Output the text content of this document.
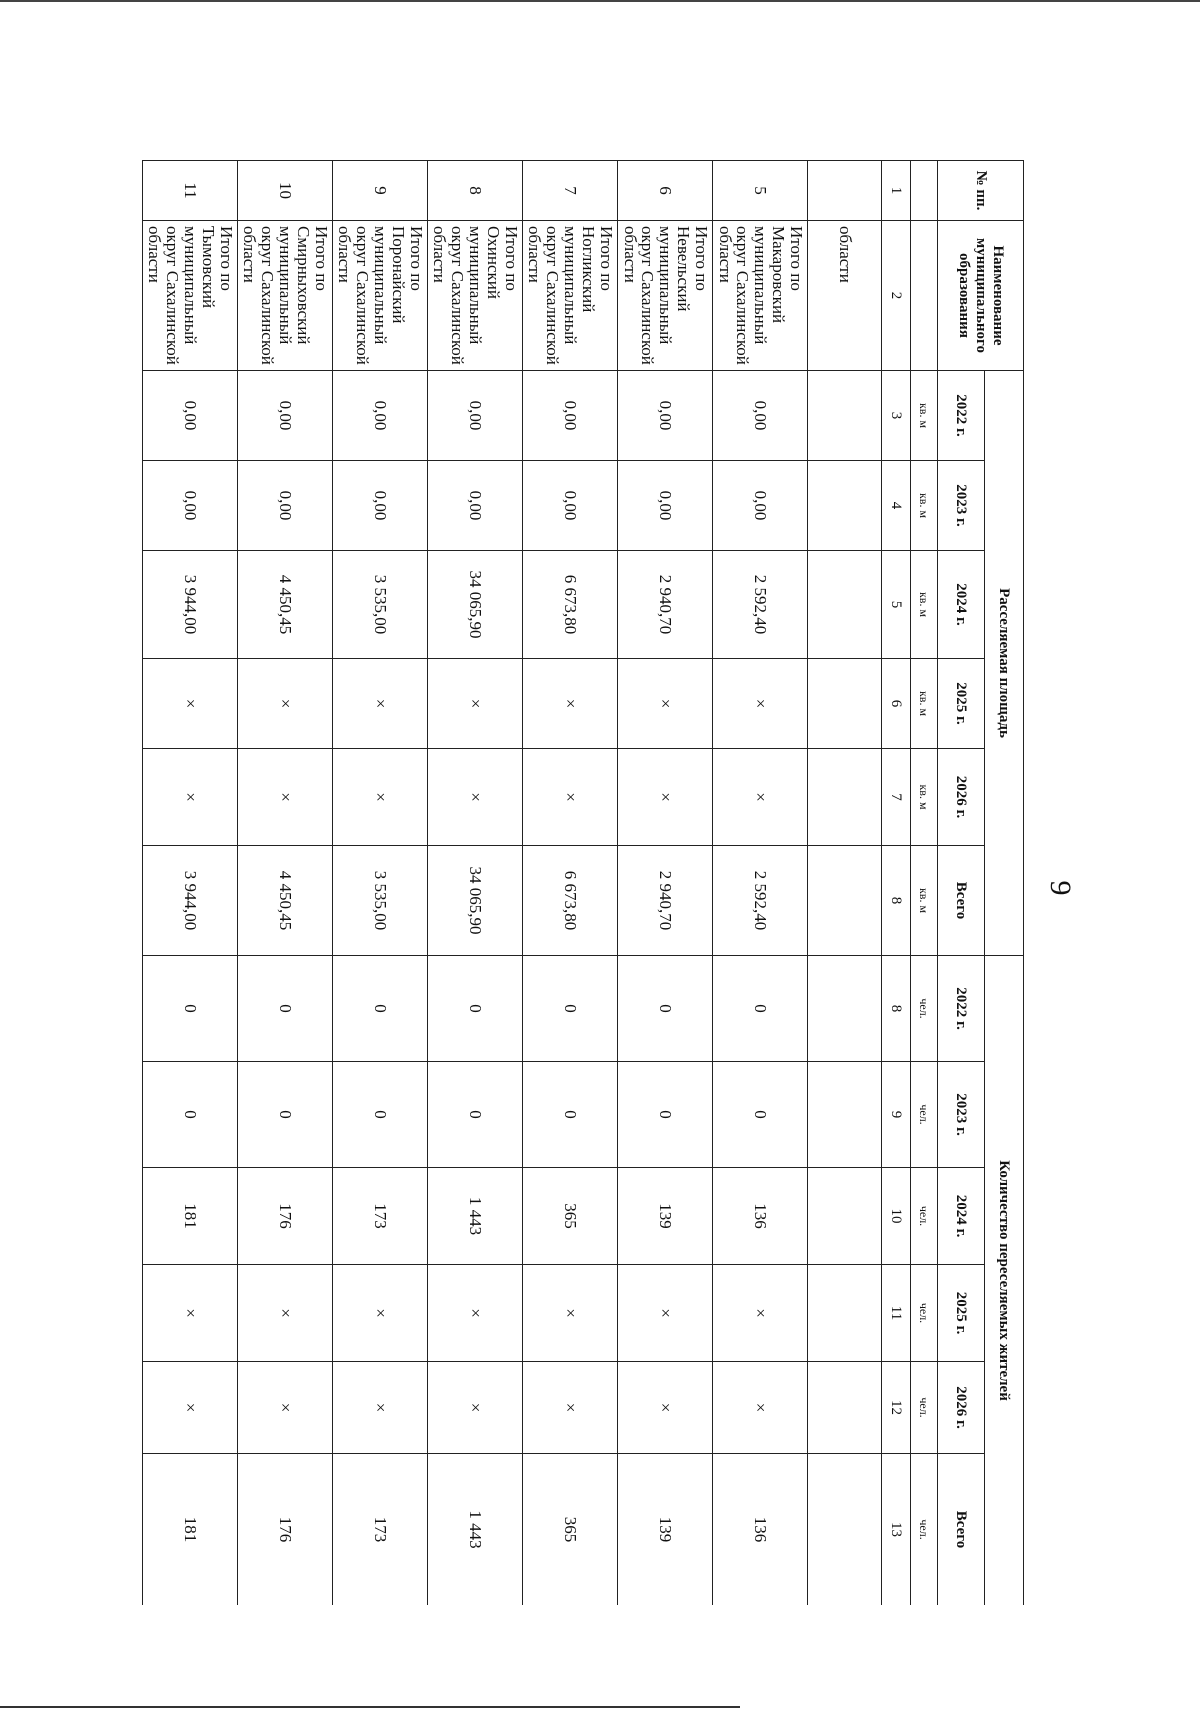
9
№ пп.	Наименование муниципального образования	Расселяемая площадь						Количество переселяемых жителей					
		2022 г.	2023 г.	2024 г.	2025 г.	2026 г.	Всего	2022 г.	2023 г.	2024 г.	2025 г.	2026 г.	Всего
		кв. м	кв. м	кв. м	кв. м	кв. м	кв. м	чел.	чел.	чел.	чел.	чел.	чел.
1	2	3	4	5	6	7	8	8	9	10	11	12	13
	области												
5	Итого по Макаровский муниципальный округ Сахалинской области	0,00	0,00	2 592,40	×	×	2 592,40	0	0	136	×	×	136
6	Итого по Невельский муниципальный округ Сахалинской области	0,00	0,00	2 940,70	×	×	2 940,70	0	0	139	×	×	139
7	Итого по Ногликский муниципальный округ Сахалинской области	0,00	0,00	6 673,80	×	×	6 673,80	0	0	365	×	×	365
8	Итого по Охинский муниципальный округ Сахалинской области	0,00	0,00	34 065,90	×	×	34 065,90	0	0	1 443	×	×	1 443
9	Итого по Поронайский муниципальный округ Сахалинской области	0,00	0,00	3 535,00	×	×	3 535,00	0	0	173	×	×	173
10	Итого по Смирныховский муниципальный округ Сахалинской области	0,00	0,00	4 450,45	×	×	4 450,45	0	0	176	×	×	176
11	Итого по Тымовский муниципальный округ Сахалинской области	0,00	0,00	3 944,00	×	×	3 944,00	0	0	181	×	×	181
